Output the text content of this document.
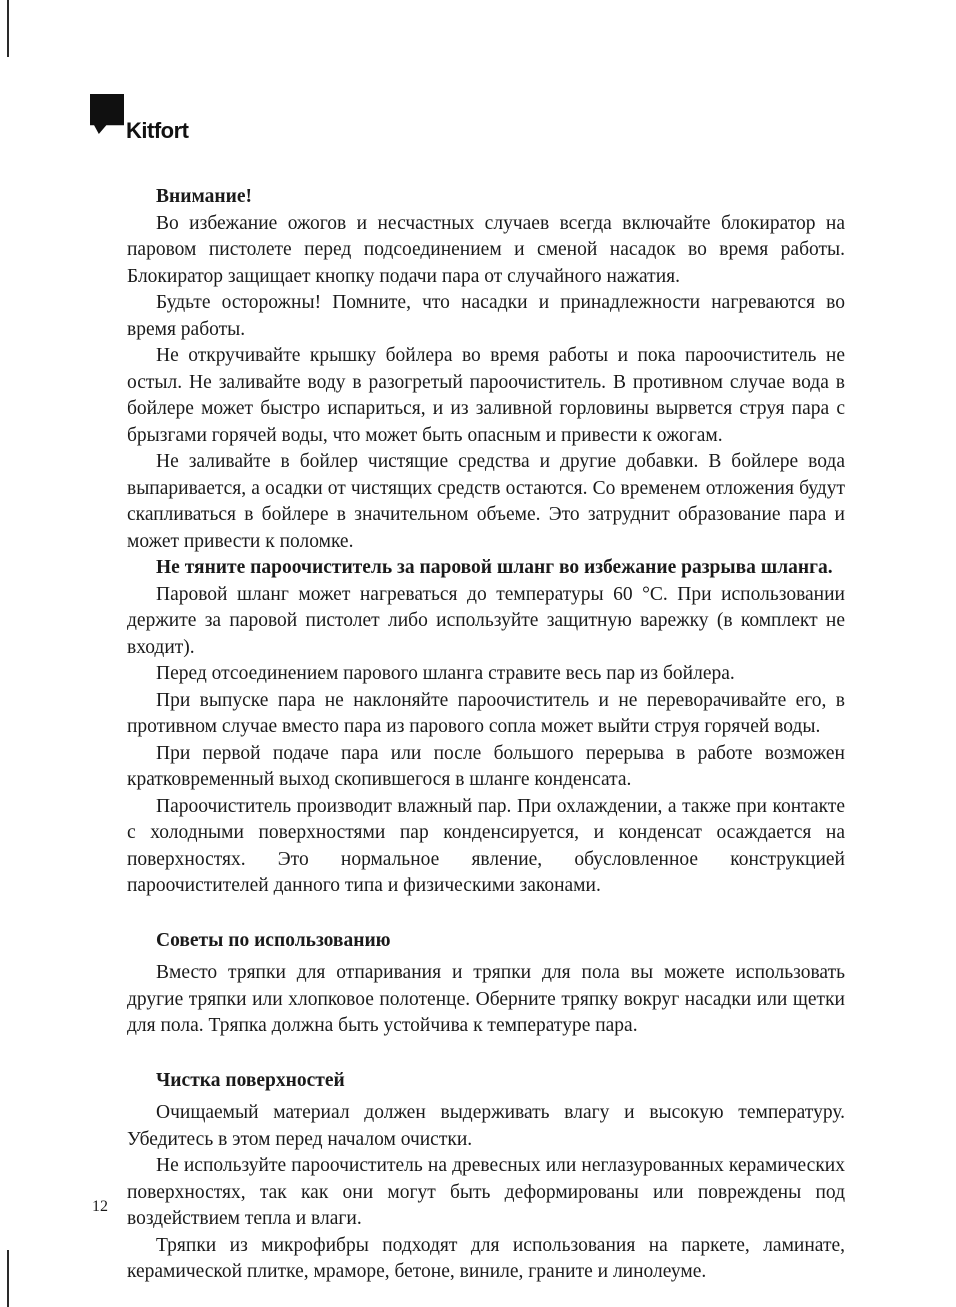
Kitfort
Внимание!

Во избежание ожогов и несчастных случаев всегда включайте блокиратор на паровом пистолете перед подсоединением и сменой насадок во время работы. Блокиратор защищает кнопку подачи пара от случайного нажатия.

Будьте осторожны! Помните, что насадки и принадлежности нагреваются во время работы.

Не откручивайте крышку бойлера во время работы и пока пароочиститель не остыл. Не заливайте воду в разогретый пароочиститель. В противном случае вода в бойлере может быстро испариться, и из заливной горловины вырвется струя пара с брызгами горячей воды, что может быть опасным и привести к ожогам.

Не заливайте в бойлер чистящие средства и другие добавки. В бойлере вода выпаривается, а осадки от чистящих средств остаются. Со временем отложения будут скапливаться в бойлере в значительном объеме. Это затруднит образование пара и может привести к поломке.

Не тяните пароочиститель за паровой шланг во избежание разрыва шланга.

Паровой шланг может нагреваться до температуры 60 °C. При использовании держите за паровой пистолет либо используйте защитную варежку (в комплект не входит).

Перед отсоединением парового шланга стравите весь пар из бойлера.

При выпуске пара не наклоняйте пароочиститель и не переворачивайте его, в противном случае вместо пара из парового сопла может выйти струя горячей воды.

При первой подаче пара или после большого перерыва в работе возможен кратковременный выход скопившегося в шланге конденсата.

Пароочиститель производит влажный пар. При охлаждении, а также при контакте с холодными поверхностями пар конденсируется, и конденсат осаждается на поверхностях. Это нормальное явление, обусловленное конструкцией пароочистителей данного типа и физическими законами.

Советы по использованию

Вместо тряпки для отпаривания и тряпки для пола вы можете использовать другие тряпки или хлопковое полотенце. Оберните тряпку вокруг насадки или щетки для пола. Тряпка должна быть устойчива к температуре пара.

Чистка поверхностей

Очищаемый материал должен выдерживать влагу и высокую температуру. Убедитесь в этом перед началом очистки.

Не используйте пароочиститель на древесных или неглазурованных керамических поверхностях, так как они могут быть деформированы или повреждены под воздействием тепла и влаги.

Тряпки из микрофибры подходят для использования на паркете, ламинате, керамической плитке, мраморе, бетоне, виниле, граните и линолеуме.

12
